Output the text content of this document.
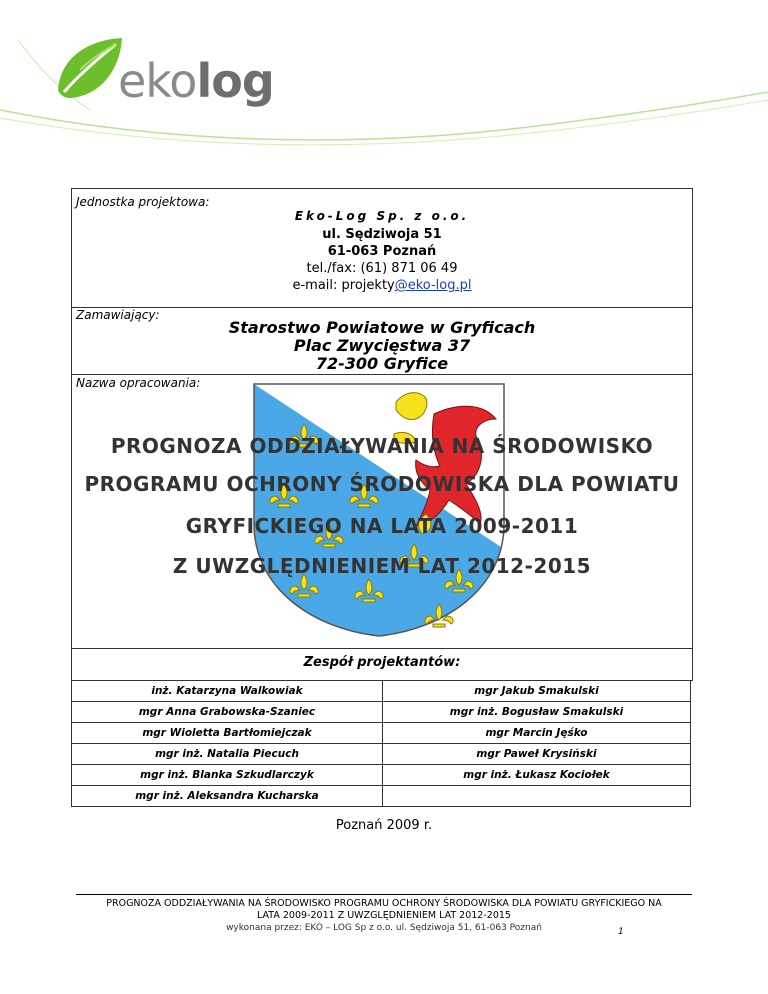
ekolog
Jednostka projektowa:
Eko-Log Sp. z o.o.
ul. Sędziwoja 51
61-063 Poznań
tel./fax: (61) 871 06 49
e-mail: projekty@eko-log.pl
Zamawiający:
Starostwo Powiatowe w Gryficach
Plac Zwycięstwa 37
72-300 Gryfice
Nazwa opracowania:
PROGNOZA ODDZIAŁYWANIA NA ŚRODOWISKO
PROGRAMU OCHRONY ŚRODOWISKA DLA POWIATU
GRYFICKIEGO NA LATA 2009-2011
Z UWZGLĘDNIENIEM LAT 2012-2015
Zespół projektantów:
inż. Katarzyna Walkowiak	mgr Jakub Smakulski
mgr Anna Grabowska-Szaniec	mgr inż. Bogusław Smakulski
mgr Wioletta Bartłomiejczak	mgr Marcin Jęśko
mgr inż. Natalia Piecuch	mgr Paweł Krysiński
mgr inż. Blanka Szkudlarczyk	mgr inż. Łukasz Kociołek
mgr inż. Aleksandra Kucharska	
Poznań 2009 r.
PROGNOZA ODDZIAŁYWANIA NA ŚRODOWISKO PROGRAMU OCHRONY ŚRODOWISKA DLA POWIATU GRYFICKIEGO NA
LATA 2009-2011 Z UWZGLĘDNIENIEM LAT 2012-2015
wykonana przez: EKO – LOG Sp z o.o. ul. Sędziwoja 51, 61-063 Poznań	1
